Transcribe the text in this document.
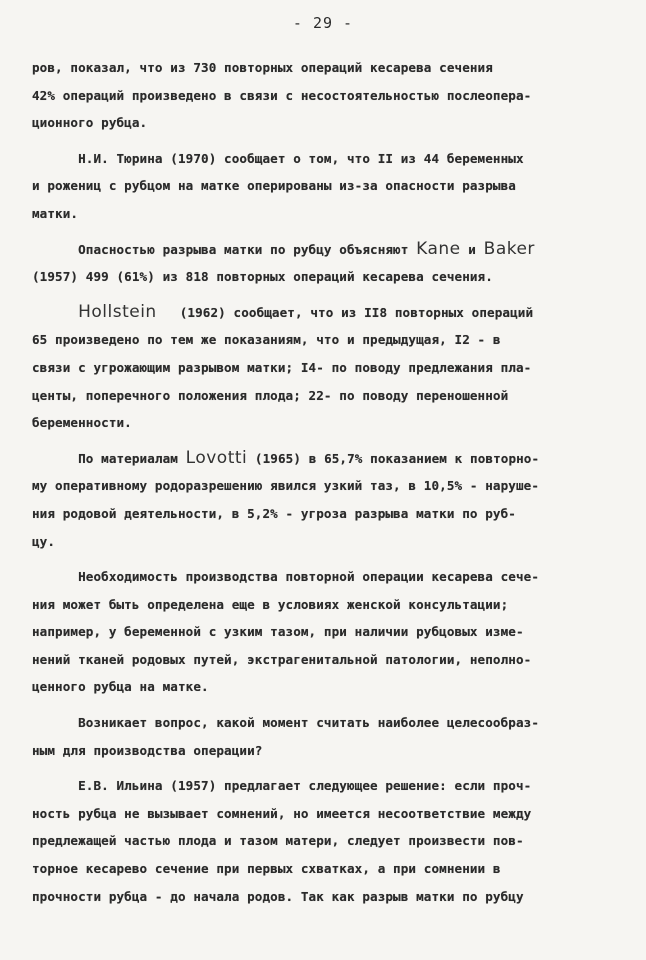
- 29 -
ров, показал, что из 730 повторных операций кесарева сечения
42% операций произведено в связи с несостоятельностью послеопера-
ционного рубца.
Н.И. Тюрина (1970) сообщает о том, что II из 44 беременных
и рожениц с рубцом на матке оперированы из-за опасности разрыва
матки.
Опасностью разрыва матки по рубцу объясняют Kane и Baker
(1957) 499 (61%) из 818 повторных операций кесарева сечения.
Hollstein   (1962) сообщает, что из II8 повторных операций
65 произведено по тем же показаниям, что и предыдущая, I2 - в
связи с угрожающим разрывом матки; I4- по поводу предлежания пла-
центы, поперечного положения плода; 22- по поводу переношенной
беременности.
По материалам Lovotti (1965) в 65,7% показанием к повторно-
му оперативному родоразрешению явился узкий таз, в 10,5% - наруше-
ния родовой деятельности, в 5,2% - угроза разрыва матки по руб-
цу.
Необходимость производства повторной операции кесарева сече-
ния может быть определена еще в условиях женской консультации;
например, у беременной с узким тазом, при наличии рубцовых изме-
нений тканей родовых путей, экстрагенитальной патологии, неполно-
ценного рубца на матке.
Возникает вопрос, какой момент считать наиболее целесообраз-
ным для производства операции?
Е.В. Ильина (1957) предлагает следующее решение: если проч-
ность рубца не вызывает сомнений, но имеется несоответствие между
предлежащей частью плода и тазом матери, следует произвести пов-
торное кесарево сечение при первых схватках, а при сомнении в
прочности рубца - до начала родов. Так как разрыв матки по рубцу
